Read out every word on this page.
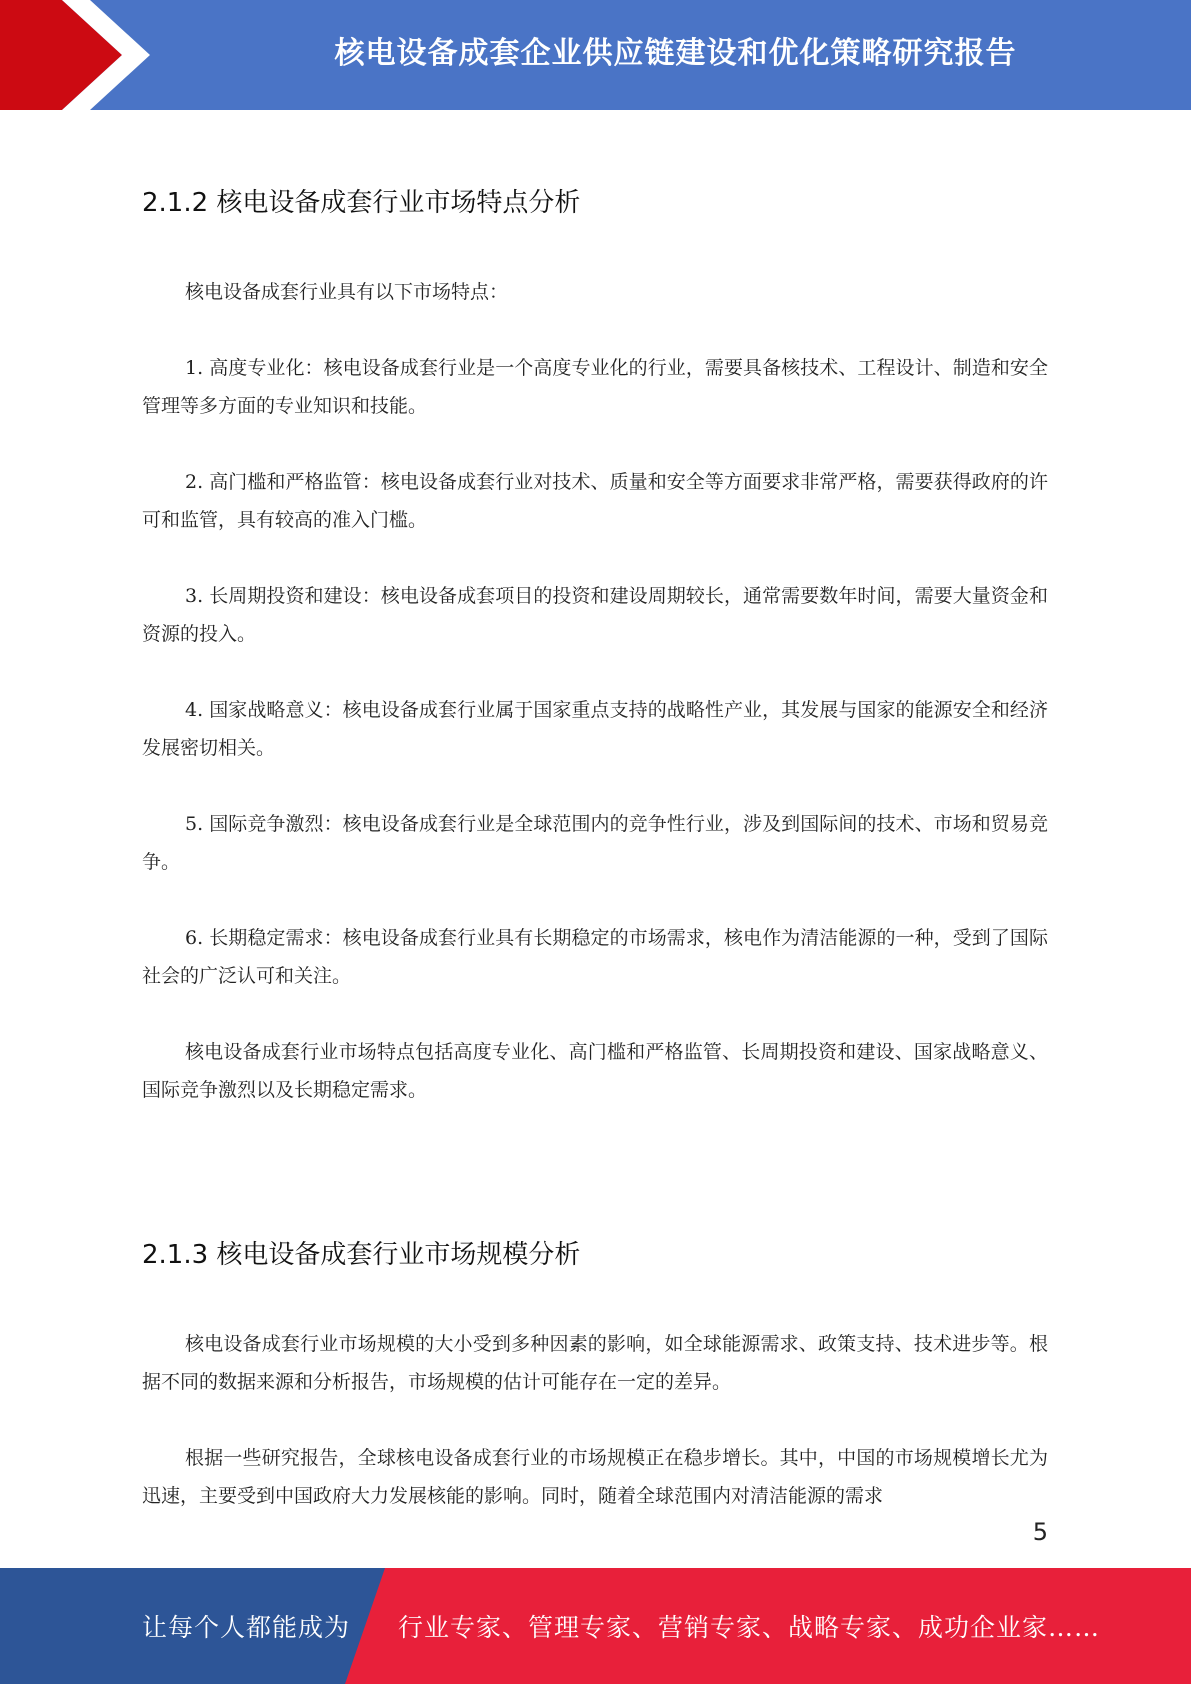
核电设备成套企业供应链建设和优化策略研究报告
2.1.2 核电设备成套行业市场特点分析

核电设备成套行业具有以下市场特点：

1. 高度专业化：核电设备成套行业是一个高度专业化的行业，需要具备核技术、工程设计、制造和安全管理等多方面的专业知识和技能。

2. 高门槛和严格监管：核电设备成套行业对技术、质量和安全等方面要求非常严格，需要获得政府的许可和监管，具有较高的准入门槛。

3. 长周期投资和建设：核电设备成套项目的投资和建设周期较长，通常需要数年时间，需要大量资金和资源的投入。

4. 国家战略意义：核电设备成套行业属于国家重点支持的战略性产业，其发展与国家的能源安全和经济发展密切相关。

5. 国际竞争激烈：核电设备成套行业是全球范围内的竞争性行业，涉及到国际间的技术、市场和贸易竞争。

6. 长期稳定需求：核电设备成套行业具有长期稳定的市场需求，核电作为清洁能源的一种，受到了国际社会的广泛认可和关注。

核电设备成套行业市场特点包括高度专业化、高门槛和严格监管、长周期投资和建设、国家战略意义、国际竞争激烈以及长期稳定需求。

2.1.3 核电设备成套行业市场规模分析

核电设备成套行业市场规模的大小受到多种因素的影响，如全球能源需求、政策支持、技术进步等。根据不同的数据来源和分析报告，市场规模的估计可能存在一定的差异。

根据一些研究报告，全球核电设备成套行业的市场规模正在稳步增长。其中，中国的市场规模增长尤为迅速，主要受到中国政府大力发展核能的影响。同时，随着全球范围内对清洁能源的需求

5
让每个人都能成为 行业专家、管理专家、营销专家、战略专家、成功企业家……
